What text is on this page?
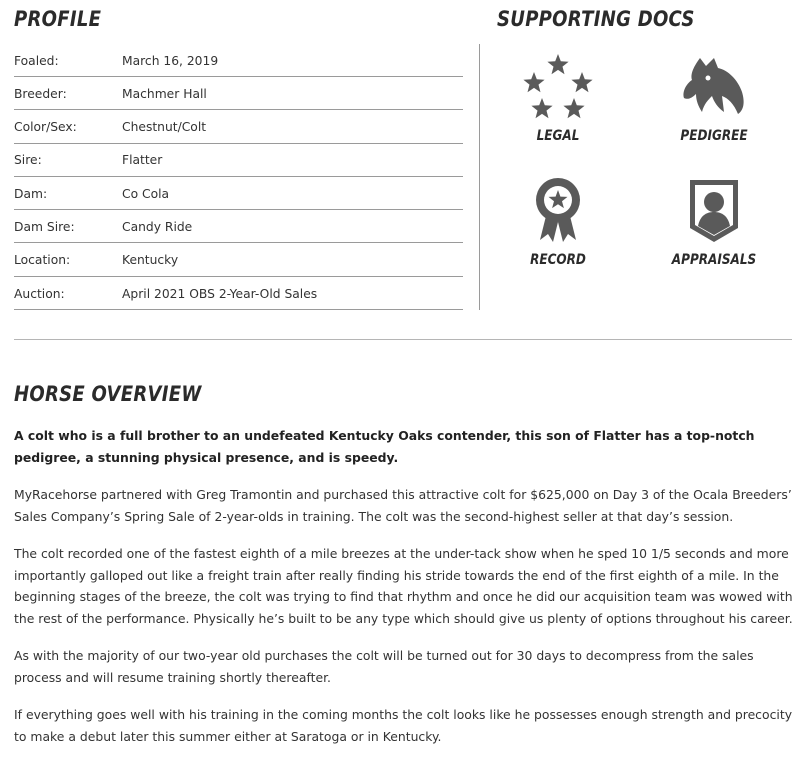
PROFILE
Foaled:	March 16, 2019
Breeder:	Machmer Hall
Color/Sex:	Chestnut/Colt
Sire:	Flatter
Dam:	Co Cola
Dam Sire:	Candy Ride
Location:	Kentucky
Auction:	April 2021 OBS 2-Year-Old Sales
SUPPORTING DOCS
LEGAL	PEDIGREE
RECORD	APPRAISALS
HORSE OVERVIEW

A colt who is a full brother to an undefeated Kentucky Oaks contender, this son of Flatter has a top-notch pedigree, a stunning physical presence, and is speedy.

MyRacehorse partnered with Greg Tramontin and purchased this attractive colt for $625,000 on Day 3 of the Ocala Breeders’ Sales Company’s Spring Sale of 2-year-olds in training. The colt was the second-highest seller at that day’s session.

The colt recorded one of the fastest eighth of a mile breezes at the under-tack show when he sped 10 1/5 seconds and more importantly galloped out like a freight train after really finding his stride towards the end of the first eighth of a mile. In the beginning stages of the breeze, the colt was trying to find that rhythm and once he did our acquisition team was wowed with the rest of the performance. Physically he’s built to be any type which should give us plenty of options throughout his career.

As with the majority of our two-year old purchases the colt will be turned out for 30 days to decompress from the sales process and will resume training shortly thereafter.

If everything goes well with his training in the coming months the colt looks like he possesses enough strength and precocity to make a debut later this summer either at Saratoga or in Kentucky.
